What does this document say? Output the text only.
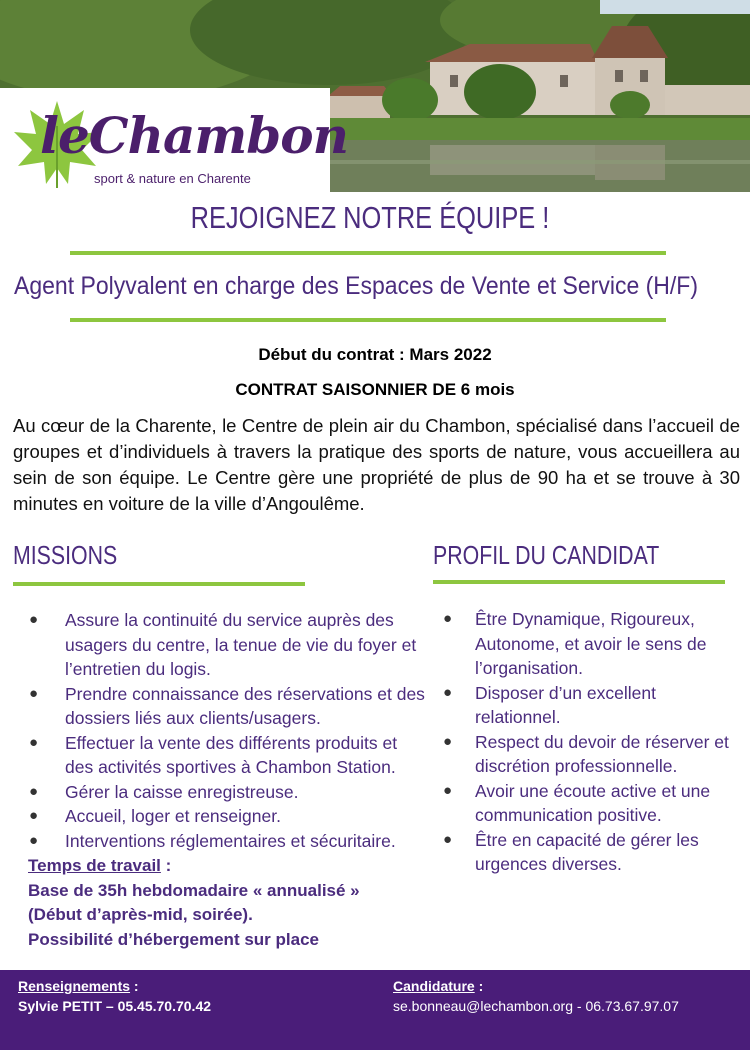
leChambon
sport & nature en Charente
REJOIGNEZ NOTRE ÉQUIPE !
Agent Polyvalent en charge des Espaces de Vente et Service (H/F)
Début du contrat : Mars 2022
CONTRAT SAISONNIER DE 6 mois
Au cœur de la Charente, le Centre de plein air du Chambon, spécialisé dans l’accueil de groupes et d’individuels à travers la pratique des sports de nature, vous accueillera au sein de son équipe. Le Centre gère une propriété de plus de 90 ha et se trouve à 30 minutes en voiture de la ville d’Angoulême.
MISSIONS
● Assure la continuité du service auprès des usagers du centre, la tenue de vie du foyer et l’entretien du logis.
● Prendre connaissance des réservations et des dossiers liés aux clients/usagers.
● Effectuer la vente des différents produits et des activités sportives à Chambon Station.
● Gérer la caisse enregistreuse.
● Accueil, loger et renseigner.
● Interventions réglementaires et sécuritaire.
Temps de travail :
Base de 35h hebdomadaire « annualisé »
(Début d’après-mid, soirée).
Possibilité d’hébergement sur place
PROFIL DU CANDIDAT
● Être Dynamique, Rigoureux, Autonome, et avoir le sens de l’organisation.
● Disposer d’un excellent relationnel.
● Respect du devoir de réserver et discrétion professionnelle.
● Avoir une écoute active et une communication positive.
● Être en capacité de gérer les urgences diverses.
Renseignements :
Sylvie PETIT – 05.45.70.70.42
Candidature :
se.bonneau@lechambon.org - 06.73.67.97.07
